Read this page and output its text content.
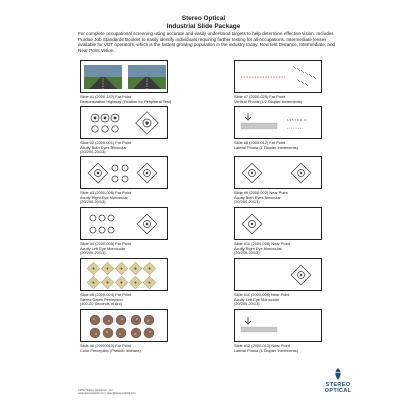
Stereo Optical
Industrial Slide Package
For complete occupational screening using accurate and easily understood targets to help determine effective vision. Includes Purdue Job Standards Booklet to easily identify individuals requiring further testing for all occupations. Intermediate lenses available for VDT operators, which is the fastest growing population in the industry today. Now test Distance, Intermediate, and Near Point Vision.
Slide #1 (2000-147) Far Point
Demonstration Highway (Fixation for Peripheral Test)
Slide #2 (2000-001) Far Point
Acuity Both Eyes Binocular
(20/200-20/13)
Slide #3 (2000-006) Far Point
Acuity Right Eye Monocular
(20/200-20/13)
Slide #4 (2000-005) Far Point
Acuity Left Eye Monocular
(20/200-20/13)
Slide #5 (2000-024) Far Point
Stereo Depth Perception
(400-20 Seconds of Arc)
Slide #6 (2000-010) Far Point
Color Perception (Pseudo Ishihara)
Slide #7 (2000-025) Far Point
Vertical Phoria (1/2 Diopter Increments)
1 3 5 7 9 11 13
• • • • • • • • •
Slide #8 (2000-012) Far Point
Lateral Phoria (1 Diopter Increments)
Slide #9 (2000-002) Near Point
Acuity Both Eyes Binocular
(20/200-20/13)
Slide #10 (2000-006) Near Point
Acuity Right Eye Monocular
(20/200-20/13)
Slide #11 (2000-008) Near Point
Acuity Left Eye Monocular
(20/200-20/13)
Slide #12 (2000-013) Near Point
Lateral Phoria (1 Diopter Increments)
©2017 Stereo Optical Co., Inc.
www.stereooptical.com | sales@stereooptical.com
STEREO
OPTICAL
